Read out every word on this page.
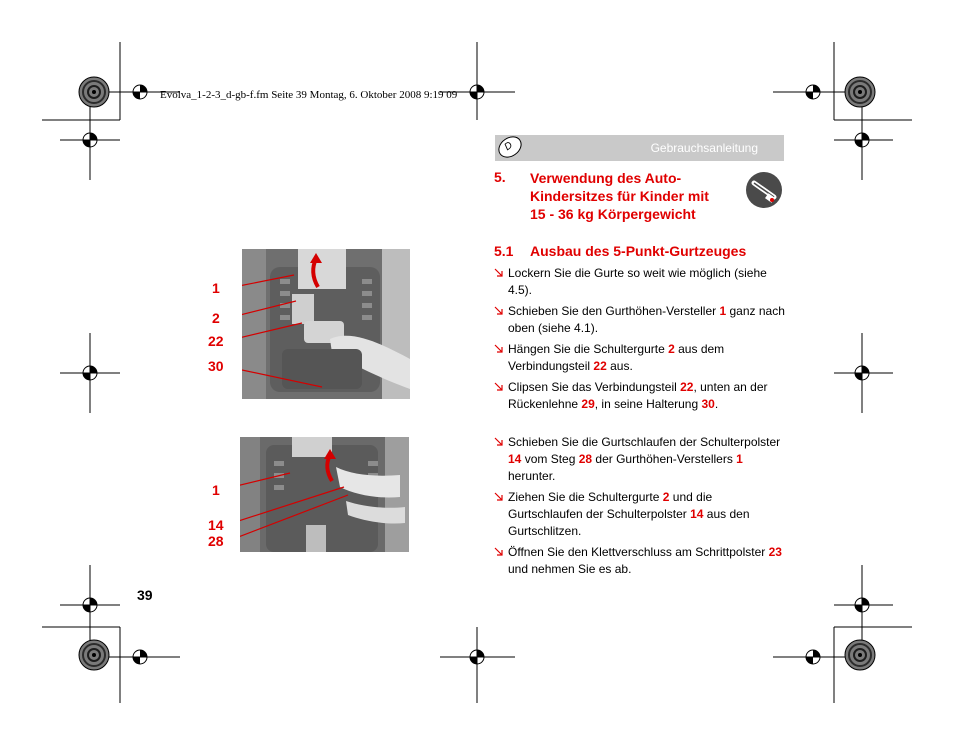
Evolva_1-2-3_d-gb-f.fm Seite 39 Montag, 6. Oktober 2008 9:19 09
D	Gebrauchsanleitung
5. Verwendung des Auto-
Kindersitzes für Kinder mit
15 - 36 kg Körpergewicht
5.1 Ausbau des 5-Punkt-Gurtzeuges
Lockern Sie die Gurte so weit wie möglich (siehe 4.5).
Schieben Sie den Gurthöhen-Versteller 1 ganz nach oben (siehe 4.1).
Hängen Sie die Schultergurte 2 aus dem Verbindungsteil 22 aus.
Clipsen Sie das Verbindungsteil 22, unten an der Rückenlehne 29, in seine Halterung 30.
Schieben Sie die Gurtschlaufen der Schulterpolster 14 vom Steg 28 der Gurthöhen-Verstellers 1 herunter.
Ziehen Sie die Schultergurte 2 und die Gurtschlaufen der Schulterpolster 14 aus den Gurtschlitzen.
Öffnen Sie den Klettverschluss am Schrittpolster 23 und nehmen Sie es ab.
1
2
22
30
1
14
28
39
